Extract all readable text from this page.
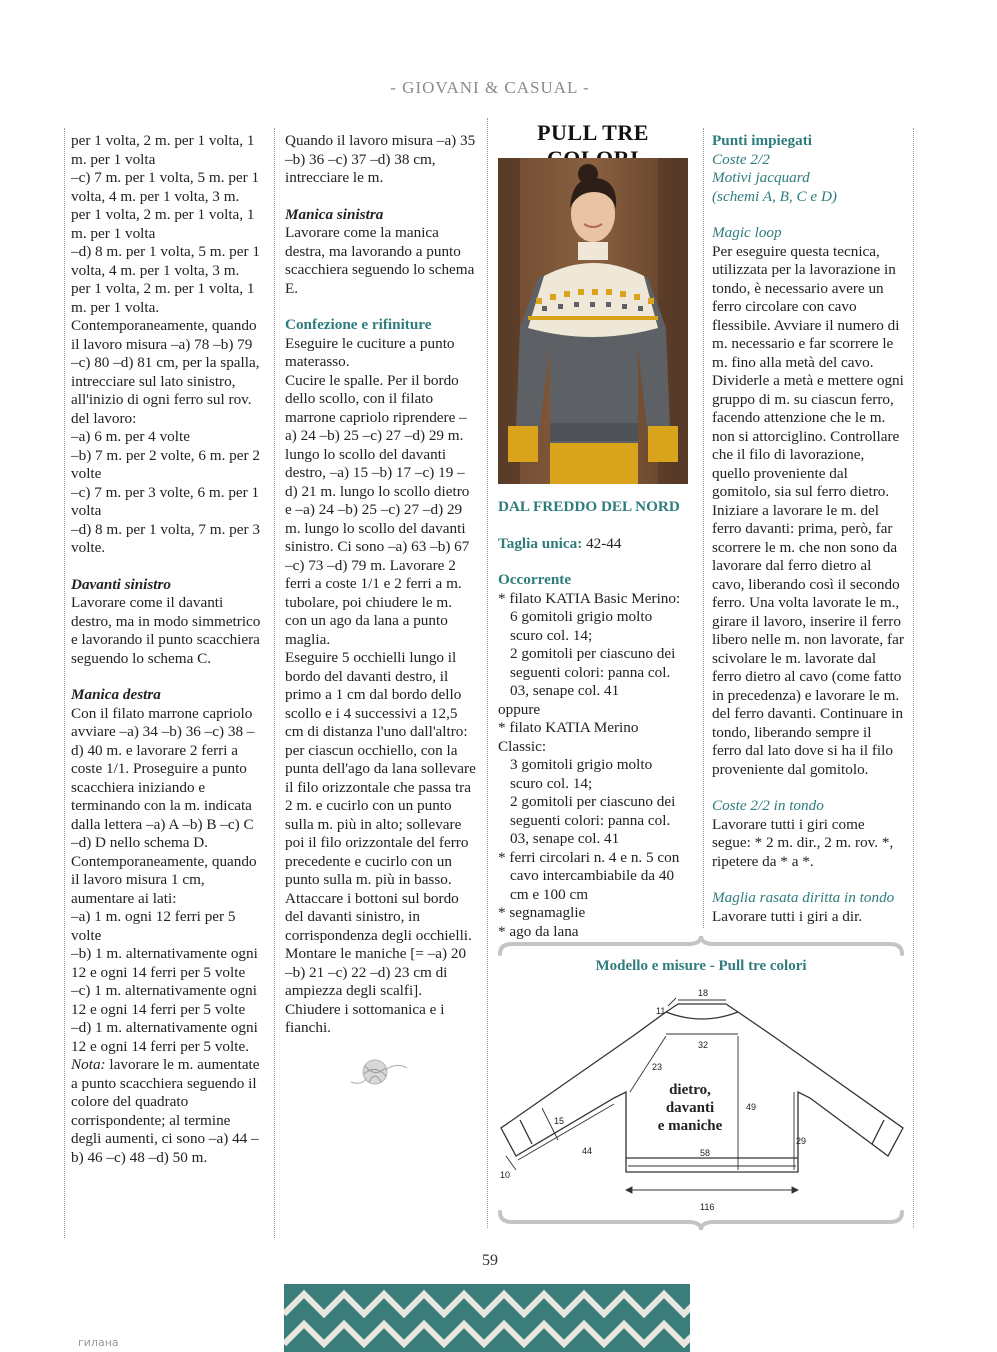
- GIOVANI & CASUAL -

per 1 volta, 2 m. per 1 volta, 1 m. per 1 volta
–c) 7 m. per 1 volta, 5 m. per 1 volta, 4 m. per 1 volta, 3 m. per 1 volta, 2 m. per 1 volta, 1 m. per 1 volta
–d) 8 m. per 1 volta, 5 m. per 1 volta, 4 m. per 1 volta, 3 m. per 1 volta, 2 m. per 1 volta, 1 m. per 1 volta.
Contemporaneamente, quando il lavoro misura –a) 78 –b) 79 –c) 80 –d) 81 cm, per la spalla, intrecciare sul lato sinistro, all'inizio di ogni ferro sul rov. del lavoro:
–a) 6 m. per 4 volte
–b) 7 m. per 2 volte, 6 m. per 2 volte
–c) 7 m. per 3 volte, 6 m. per 1 volta
–d) 8 m. per 1 volta, 7 m. per 3 volte.

Davanti sinistro

Lavorare come il davanti destro, ma in modo simmetrico e lavorando il punto scacchiera seguendo lo schema C.

Manica destra

Con il filato marrone capriolo avviare –a) 34 –b) 36 –c) 38 –d) 40 m. e lavorare 2 ferri a coste 1/1. Proseguire a punto scacchiera iniziando e terminando con la m. indicata dalla lettera –a) A –b) B –c) C –d) D nello schema D. Contemporaneamente, quando il lavoro misura 1 cm, aumentare ai lati:
–a) 1 m. ogni 12 ferri per 5 volte
–b) 1 m. alternativamente ogni 12 e ogni 14 ferri per 5 volte
–c) 1 m. alternativamente ogni 12 e ogni 14 ferri per 5 volte
–d) 1 m. alternativamente ogni 12 e ogni 14 ferri per 5 volte.

Nota: lavorare le m. aumentate a punto scacchiera seguendo il colore del quadrato corrispondente; al termine degli aumenti, ci sono –a) 44 –b) 46 –c) 48 –d) 50 m.

Quando il lavoro misura –a) 35 –b) 36 –c) 37 –d) 38 cm, intrecciare le m.

Manica sinistra

Lavorare come la manica destra, ma lavorando a punto scacchiera seguendo lo schema E.

Confezione e rifiniture

Eseguire le cuciture a punto materasso.
Cucire le spalle. Per il bordo dello scollo, con il filato marrone capriolo riprendere –a) 24 –b) 25 –c) 27 –d) 29 m. lungo lo scollo del davanti destro, –a) 15 –b) 17 –c) 19 –d) 21 m. lungo lo scollo dietro e –a) 24 –b) 25 –c) 27 –d) 29 m. lungo lo scollo del davanti sinistro. Ci sono –a) 63 –b) 67 –c) 73 –d) 79 m. Lavorare 2 ferri a coste 1/1 e 2 ferri a m. tubolare, poi chiudere le m. con un ago da lana a punto maglia.
Eseguire 5 occhielli lungo il bordo del davanti destro, il primo a 1 cm dal bordo dello scollo e i 4 successivi a 12,5 cm di distanza l'uno dall'altro: per ciascun occhiello, con la punta dell'ago da lana sollevare il filo orizzontale che passa tra 2 m. e cucirlo con un punto sulla m. più in alto; sollevare poi il filo orizzontale del ferro precedente e cucirlo con un punto sulla m. più in basso.
Attaccare i bottoni sul bordo del davanti sinistro, in corrispondenza degli occhielli. Montare le maniche [= –a) 20 –b) 21 –c) 22 –d) 23 cm di ampiezza degli scalfi]. Chiudere i sottomanica e i fianchi.

PULL TRE

DAL FREDDO DEL NORD

Taglia unica: 42-44

Occorrente

* filato KATIA Basic Merino:

6 gomitoli grigio molto scuro col. 14;

2 gomitoli per ciascuno dei seguenti colori: panna col. 03, senape col. 41

oppure

* filato KATIA Merino Classic:

3 gomitoli grigio molto scuro col. 14;

2 gomitoli per ciascuno dei seguenti colori: panna col. 03, senape col. 41

* ferri circolari n. 4 e n. 5 con cavo intercambiabile da 40 cm e 100 cm

* segnamaglie

* ago da lana

Punti impiegati

Coste 2/2
Motivi jacquard
(schemi A, B, C e D)

Magic loop

Per eseguire questa tecnica, utilizzata per la lavorazione in tondo, è necessario avere un ferro circolare con cavo flessibile. Avviare il numero di m. necessario e far scorrere le m. fino alla metà del cavo. Dividerle a metà e mettere ogni gruppo di m. su ciascun ferro, facendo attenzione che le m. non si attorciglino. Controllare che il filo di lavorazione, quello proveniente dal gomitolo, sia sul ferro dietro. Iniziare a lavorare le m. del ferro davanti: prima, però, far scorrere le m. che non sono da lavorare dal ferro dietro al cavo, liberando così il secondo ferro. Una volta lavorate le m., girare il lavoro, inserire il ferro libero nelle m. non lavorate, far scivolare le m. lavorate dal ferro dietro al cavo (come fatto in precedenza) e lavorare le m. del ferro davanti. Continuare in tondo, liberando sempre il ferro dal lato dove si ha il filo proveniente dal gomitolo.

Coste 2/2 in tondo

Lavorare tutti i giri come segue: * 2 m. dir., 2 m. rov. *, ripetere da * a *.

Maglia rasata diritta in tondo

Lavorare tutti i giri a dir.

Modello e misure - Pull tre colori
18
11
32
23
49
15
44	58
29
10
116
dietro,
davanti
e maniche
59
гилана
